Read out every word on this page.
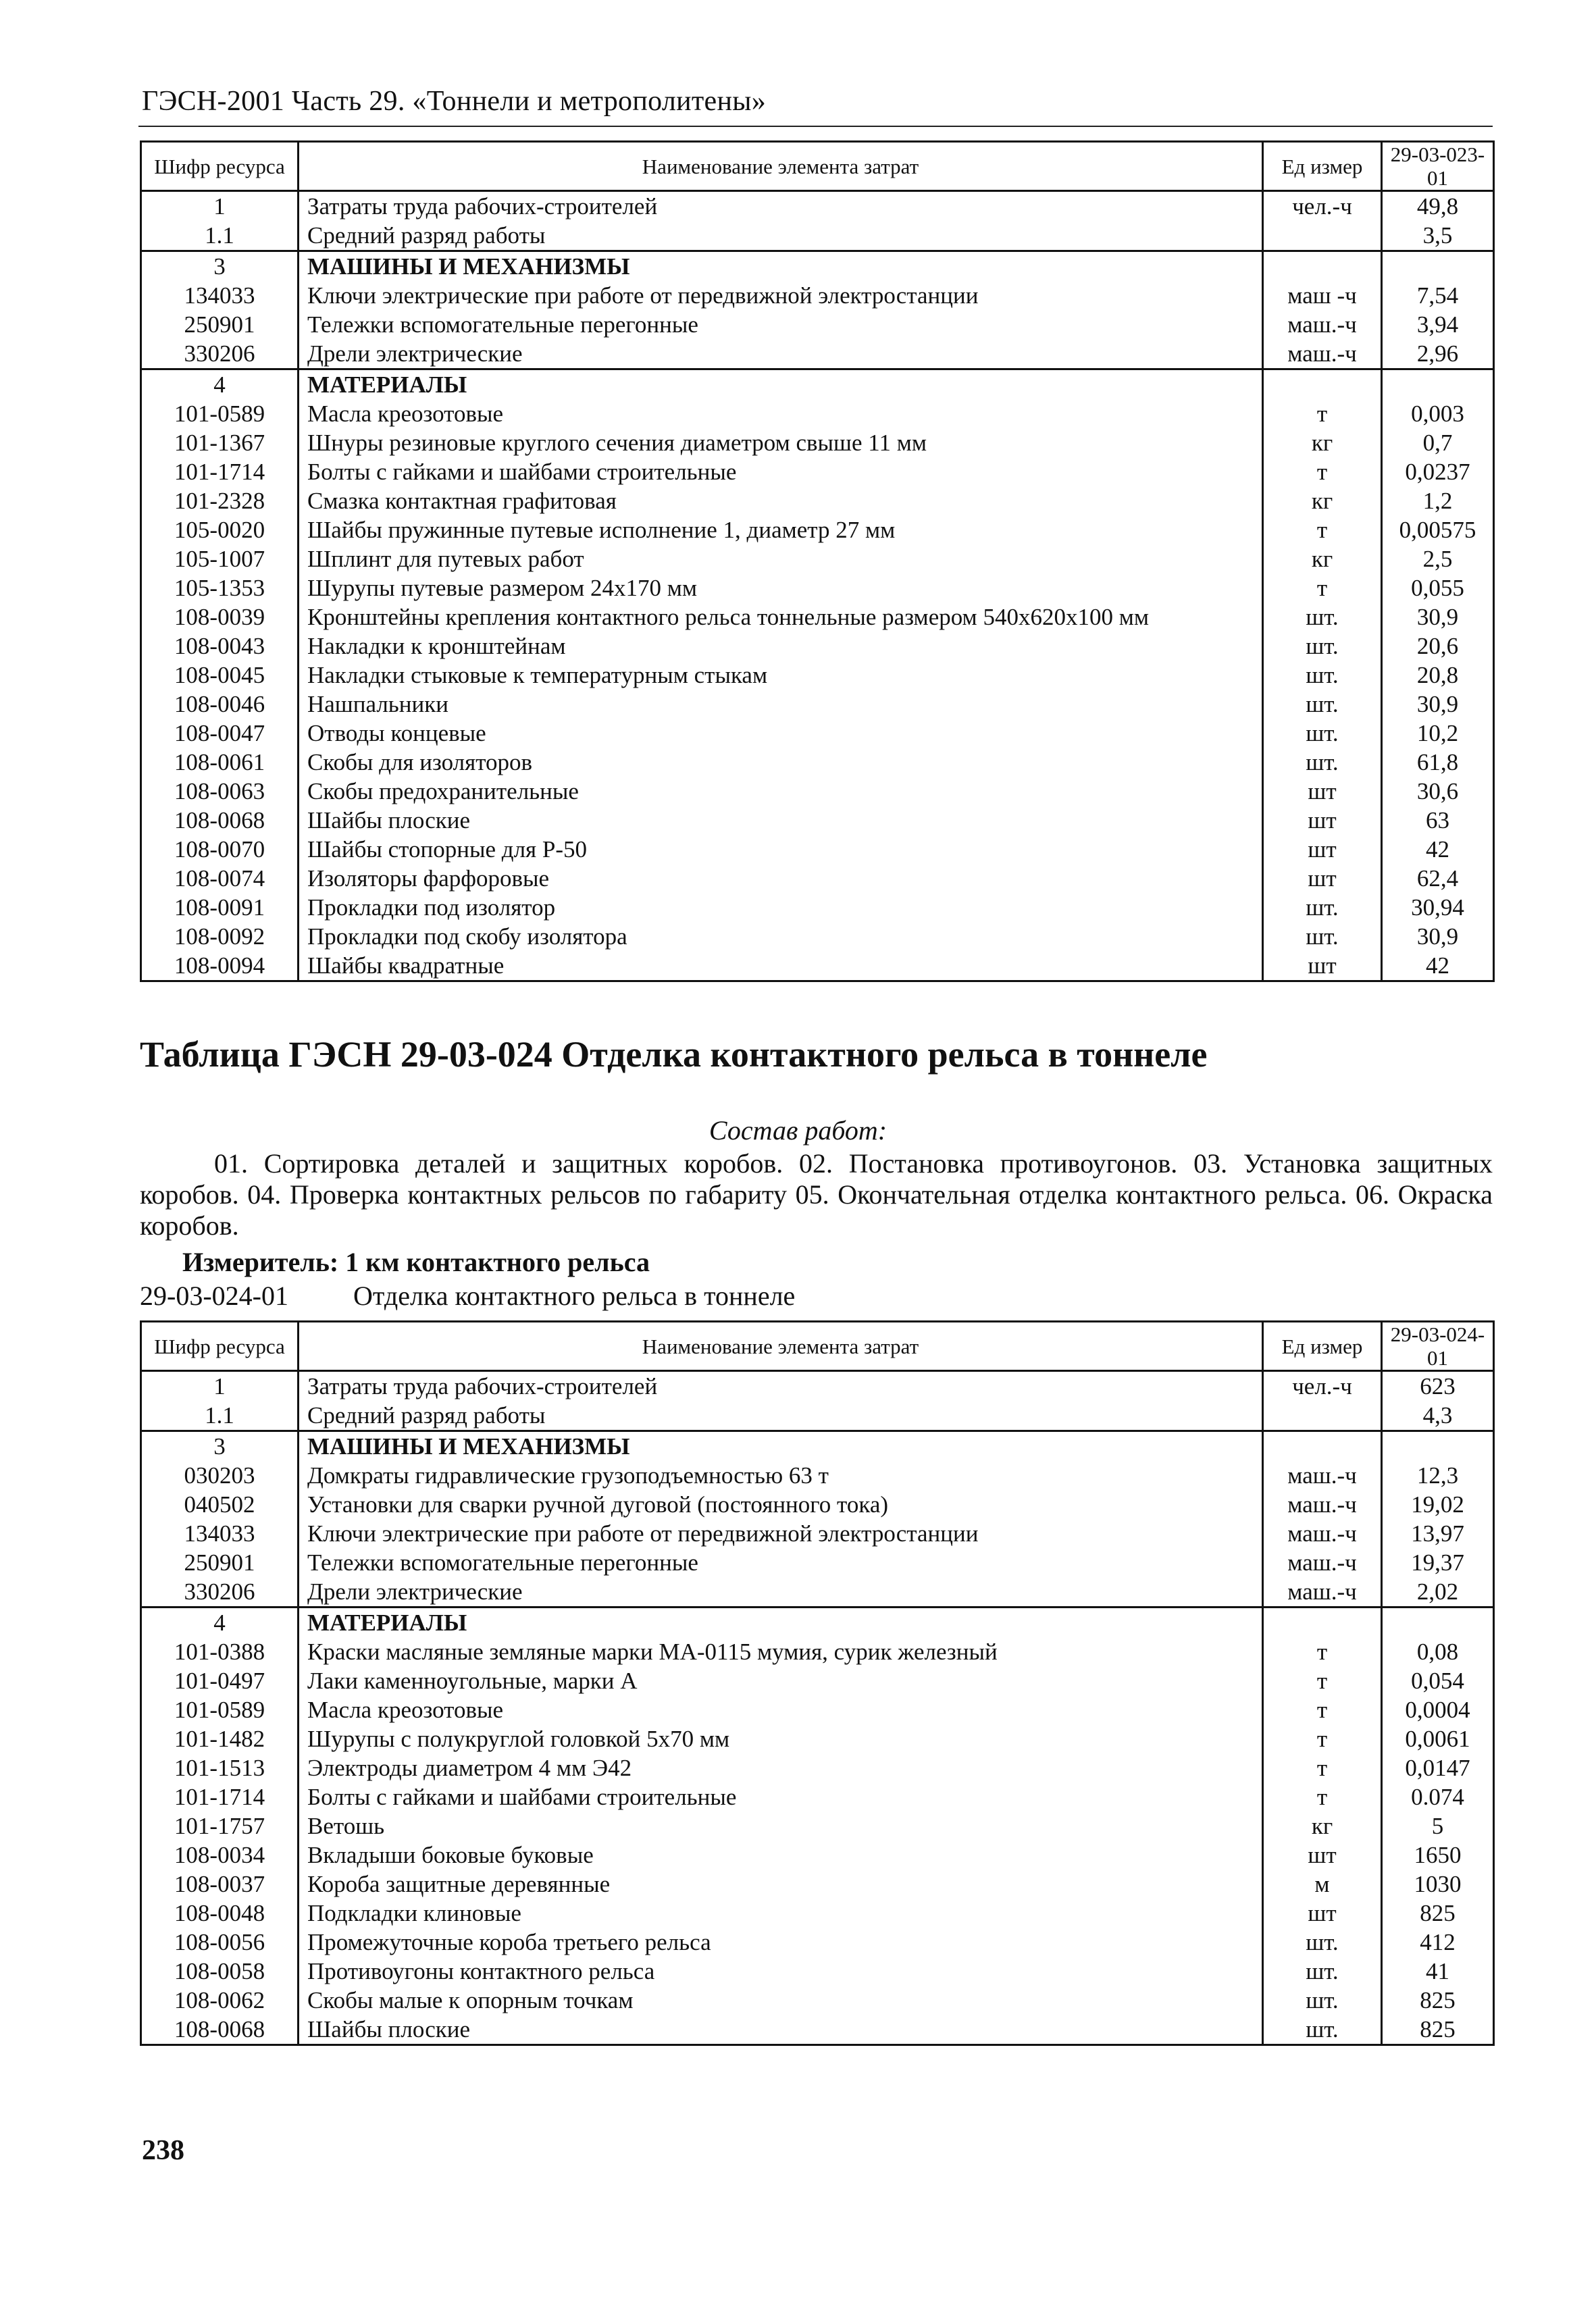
ГЭСН-2001 Часть 29. «Тоннели и метрополитены»
Шифр ресурса	Наименование элемента затрат	Ед измер	29-03-023-01
1	Затраты труда рабочих-строителей	чел.-ч	49,8
1.1	Средний разряд работы		3,5
3	МАШИНЫ И МЕХАНИЗМЫ		
134033	Ключи электрические при работе от передвижной электростанции	маш -ч	7,54
250901	Тележки вспомогательные перегонные	маш.-ч	3,94
330206	Дрели электрические	маш.-ч	2,96
4	МАТЕРИАЛЫ		
101-0589	Масла креозотовые	т	0,003
101-1367	Шнуры резиновые круглого сечения диаметром свыше 11 мм	кг	0,7
101-1714	Болты с гайками и шайбами строительные	т	0,0237
101-2328	Смазка контактная графитовая	кг	1,2
105-0020	Шайбы пружинные путевые исполнение 1, диаметр 27 мм	т	0,00575
105-1007	Шплинт для путевых работ	кг	2,5
105-1353	Шурупы путевые размером 24х170 мм	т	0,055
108-0039	Кронштейны крепления контактного рельса тоннельные размером 540х620х100 мм	шт.	30,9
108-0043	Накладки к кронштейнам	шт.	20,6
108-0045	Накладки стыковые к температурным стыкам	шт.	20,8
108-0046	Нашпальники	шт.	30,9
108-0047	Отводы концевые	шт.	10,2
108-0061	Скобы для изоляторов	шт.	61,8
108-0063	Скобы предохранительные	шт	30,6
108-0068	Шайбы плоские	шт	63
108-0070	Шайбы стопорные для Р-50	шт	42
108-0074	Изоляторы фарфоровые	шт	62,4
108-0091	Прокладки под изолятор	шт.	30,94
108-0092	Прокладки под скобу изолятора	шт.	30,9
108-0094	Шайбы квадратные	шт	42
Таблица ГЭСН 29-03-024 Отделка контактного рельса в тоннеле
Состав работ:
01. Сортировка деталей и защитных коробов. 02. Постановка противоугонов. 03. Установка защитных коробов. 04. Проверка контактных рельсов по габариту 05. Окончательная отделка контактного рельса. 06. Окраска коробов.
Измеритель: 1 км контактного рельса
29-03-024-01 Отделка контактного рельса в тоннеле
Шифр ресурса	Наименование элемента затрат	Ед измер	29-03-024-01
1	Затраты труда рабочих-строителей	чел.-ч	623
1.1	Средний разряд работы		4,3
3	МАШИНЫ И МЕХАНИЗМЫ		
030203	Домкраты гидравлические грузоподъемностью 63 т	маш.-ч	12,3
040502	Установки для сварки ручной дуговой (постоянного тока)	маш.-ч	19,02
134033	Ключи электрические при работе от передвижной электростанции	маш.-ч	13,97
250901	Тележки вспомогательные перегонные	маш.-ч	19,37
330206	Дрели электрические	маш.-ч	2,02
4	МАТЕРИАЛЫ		
101-0388	Краски масляные земляные марки МА-0115 мумия, сурик железный	т	0,08
101-0497	Лаки каменноугольные, марки А	т	0,054
101-0589	Масла креозотовые	т	0,0004
101-1482	Шурупы с полукруглой головкой 5х70 мм	т	0,0061
101-1513	Электроды диаметром 4 мм Э42	т	0,0147
101-1714	Болты с гайками и шайбами строительные	т	0.074
101-1757	Ветошь	кг	5
108-0034	Вкладыши боковые буковые	шт	1650
108-0037	Короба защитные деревянные	м	1030
108-0048	Подкладки клиновые	шт	825
108-0056	Промежуточные короба третьего рельса	шт.	412
108-0058	Противоугоны контактного рельса	шт.	41
108-0062	Скобы малые к опорным точкам	шт.	825
108-0068	Шайбы плоские	шт.	825
238
